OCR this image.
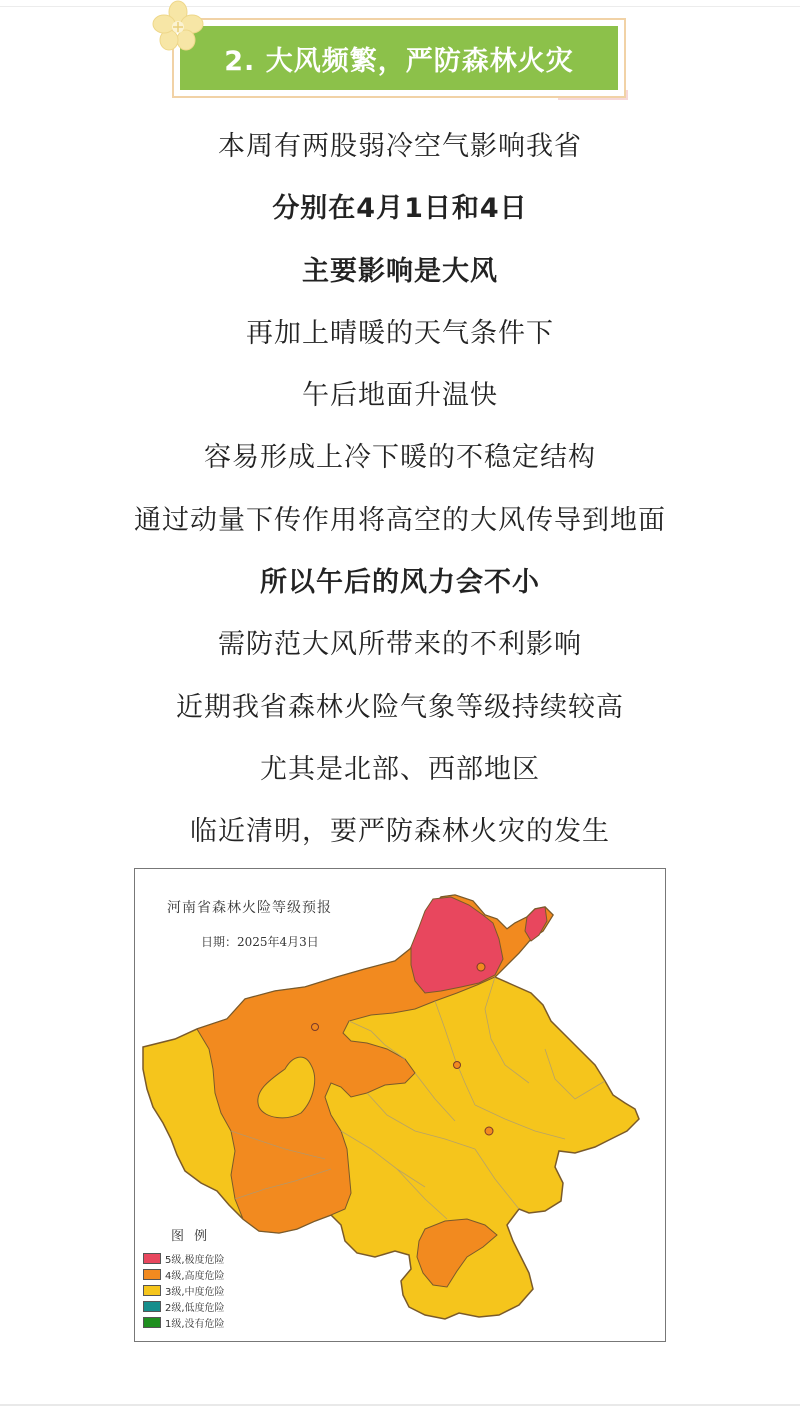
2. 大风频繁，严防森林火灾
本周有两股弱冷空气影响我省
分别在4月1日和4日
主要影响是大风
再加上晴暖的天气条件下
午后地面升温快
容易形成上冷下暖的不稳定结构
通过动量下传作用将高空的大风传导到地面
所以午后的风力会不小
需防范大风所带来的不利影响
近期我省森林火险气象等级持续较高
尤其是北部、西部地区
临近清明，要严防森林火灾的发生
河南省森林火险等级预报
日期：2025年4月3日
图 例
5级,极度危险
4级,高度危险
3级,中度危险
2级,低度危险
1级,没有危险
